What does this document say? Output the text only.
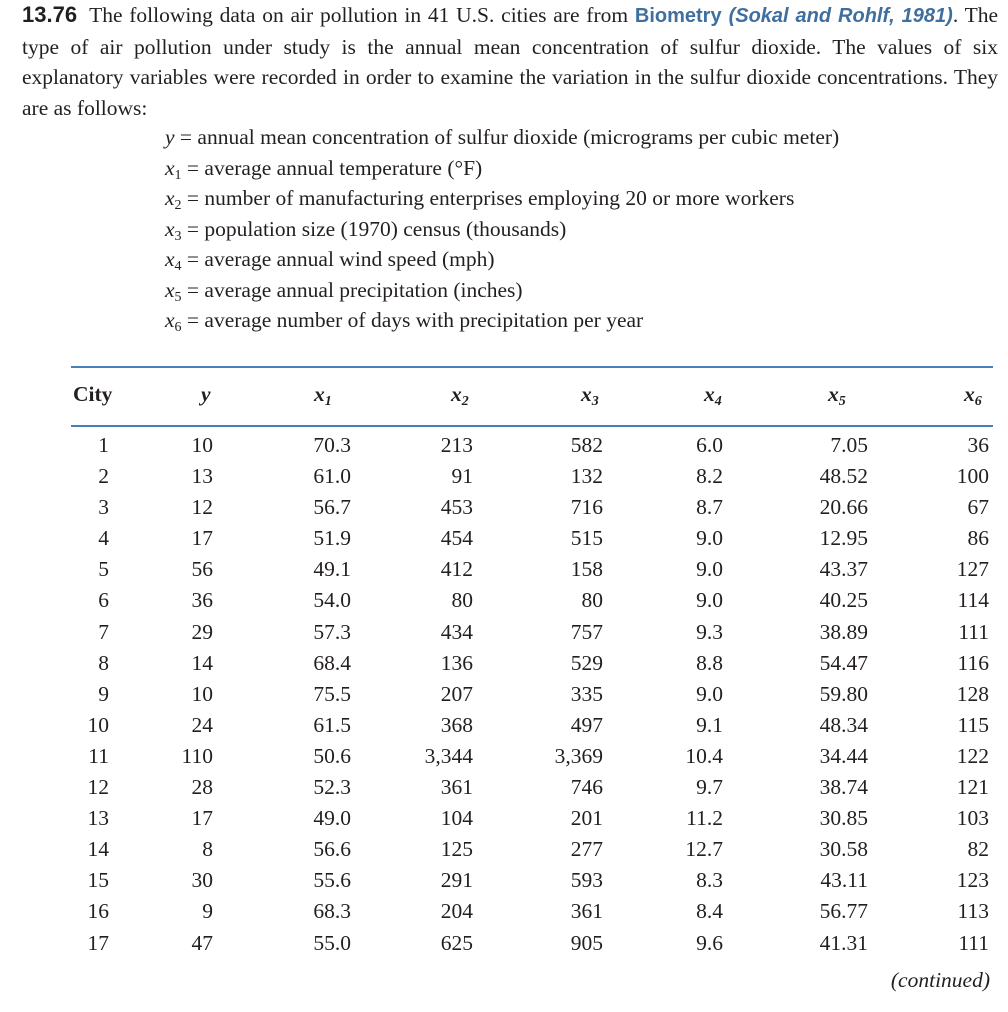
13.76 The following data on air pollution in 41 U.S. cities are from Biometry (Sokal and Rohlf, 1981). The type of air pollution under study is the annual mean concentration of sulfur dioxide. The values of six explanatory variables were recorded in order to examine the variation in the sulfur dioxide concentrations. They are as follows:
y = annual mean concentration of sulfur dioxide (micrograms per cubic meter)
$x_1$ = average annual temperature (°F)
$x_2$ = number of manufacturing enterprises employing 20 or more workers
$x_3$ = population size (1970) census (thousands)
$x_4$ = average annual wind speed (mph)
$x_5$ = average annual precipitation (inches)
$x_6$ = average number of days with precipitation per year
City	y	$x_1$	$x_2$	$x_3$	$x_4$	$x_5$	$x_6$
1	10	70.3	213	582	6.0	7.05	36
2	13	61.0	91	132	8.2	48.52	100
3	12	56.7	453	716	8.7	20.66	67
4	17	51.9	454	515	9.0	12.95	86
5	56	49.1	412	158	9.0	43.37	127
6	36	54.0	80	80	9.0	40.25	114
7	29	57.3	434	757	9.3	38.89	111
8	14	68.4	136	529	8.8	54.47	116
9	10	75.5	207	335	9.0	59.80	128
10	24	61.5	368	497	9.1	48.34	115
11	110	50.6	3,344	3,369	10.4	34.44	122
12	28	52.3	361	746	9.7	38.74	121
13	17	49.0	104	201	11.2	30.85	103
14	8	56.6	125	277	12.7	30.58	82
15	30	55.6	291	593	8.3	43.11	123
16	9	68.3	204	361	8.4	56.77	113
17	47	55.0	625	905	9.6	41.31	111
(continued)
